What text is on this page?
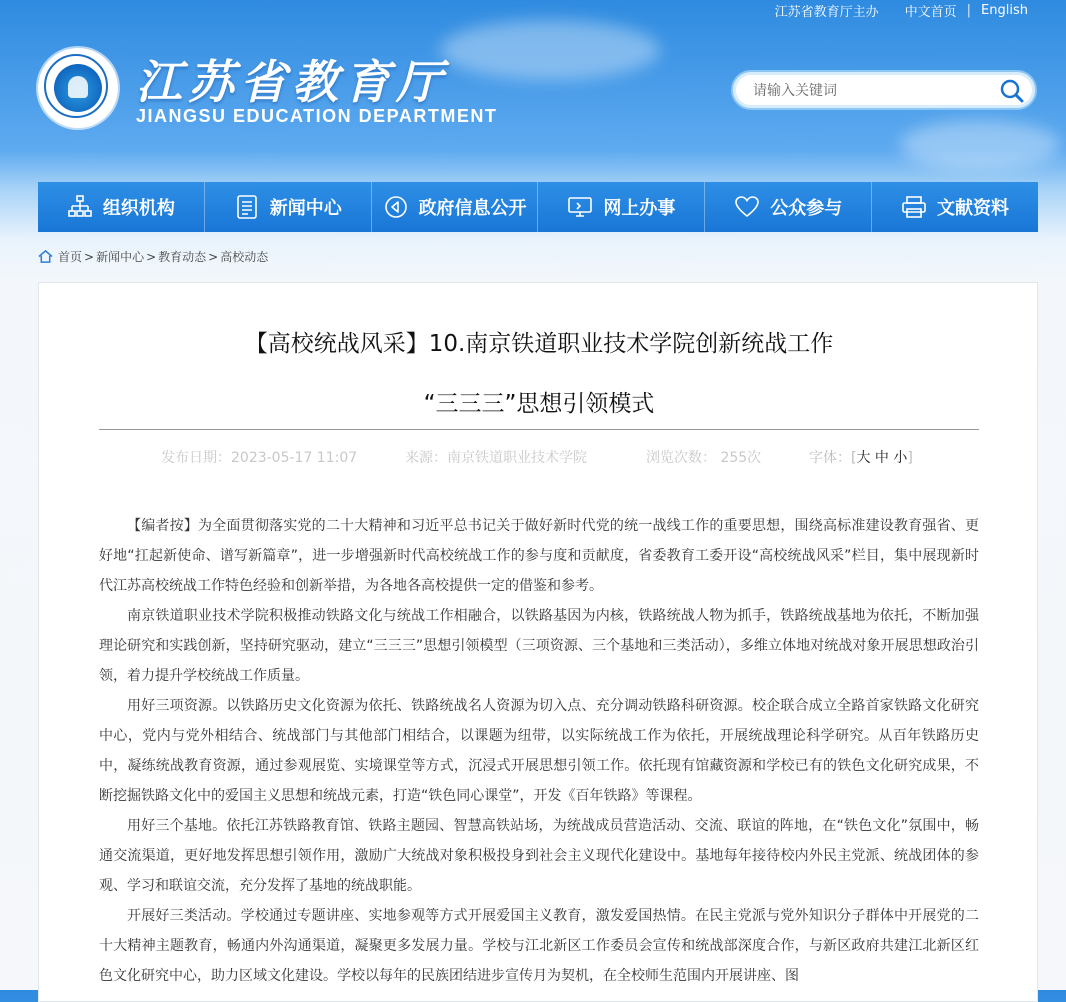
江苏省教育厅主办 中文首页 | English
江苏省教育厅
JIANGSU EDUCATION DEPARTMENT
请输入关键词
组织机构	新闻中心	政府信息公开	网上办事	公众参与	文献资料
首页 > 新闻中心 > 教育动态 > 高校动态
【高校统战风采】10.南京铁道职业技术学院创新统战工作
“三三三”思想引领模式
发布日期：2023-05-17 11:07	来源：南京铁道职业技术学院	浏览次数： 255次	字体：[大 中 小]

【编者按】为全面贯彻落实党的二十大精神和习近平总书记关于做好新时代党的统一战线工作的重要思想，围绕高标准建设教育强省、更好地“扛起新使命、谱写新篇章”，进一步增强新时代高校统战工作的参与度和贡献度，省委教育工委开设“高校统战风采”栏目，集中展现新时代江苏高校统战工作特色经验和创新举措，为各地各高校提供一定的借鉴和参考。

南京铁道职业技术学院积极推动铁路文化与统战工作相融合，以铁路基因为内核，铁路统战人物为抓手，铁路统战基地为依托，不断加强理论研究和实践创新，坚持研究驱动，建立“三三三”思想引领模型（三项资源、三个基地和三类活动），多维立体地对统战对象开展思想政治引领，着力提升学校统战工作质量。

用好三项资源。以铁路历史文化资源为依托、铁路统战名人资源为切入点、充分调动铁路科研资源。校企联合成立全路首家铁路文化研究中心，党内与党外相结合、统战部门与其他部门相结合，以课题为纽带，以实际统战工作为依托，开展统战理论科学研究。从百年铁路历史中，凝练统战教育资源，通过参观展览、实境课堂等方式，沉浸式开展思想引领工作。依托现有馆藏资源和学校已有的铁色文化研究成果，不断挖掘铁路文化中的爱国主义思想和统战元素，打造“铁色同心课堂”，开发《百年铁路》等课程。

用好三个基地。依托江苏铁路教育馆、铁路主题园、智慧高铁站场，为统战成员营造活动、交流、联谊的阵地，在“铁色文化”氛围中，畅通交流渠道，更好地发挥思想引领作用，激励广大统战对象积极投身到社会主义现代化建设中。基地每年接待校内外民主党派、统战团体的参观、学习和联谊交流，充分发挥了基地的统战职能。

开展好三类活动。学校通过专题讲座、实地参观等方式开展爱国主义教育，激发爱国热情。在民主党派与党外知识分子群体中开展党的二十大精神主题教育，畅通内外沟通渠道，凝聚更多发展力量。学校与江北新区工作委员会宣传和统战部深度合作，与新区政府共建江北新区红色文化研究中心，助力区域文化建设。学校以每年的民族团结进步宣传月为契机，在全校师生范围内开展讲座、图
